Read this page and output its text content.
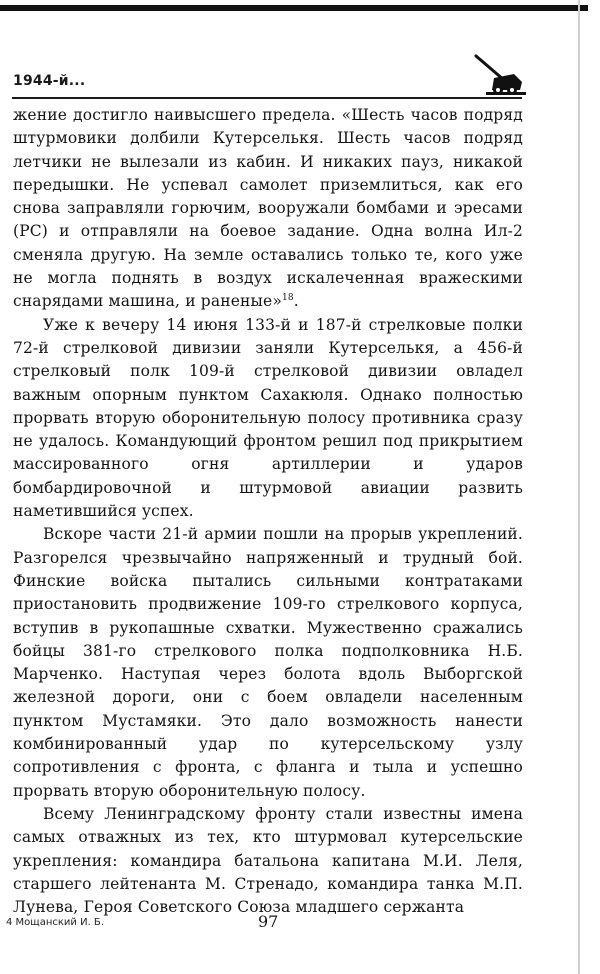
1944-й...

жение достигло наивысшего предела. «Шесть часов подряд штурмовики долбили Кутерселькя. Шесть часов подряд летчики не вылезали из кабин. И никаких пауз, никакой передышки. Не успевал самолет приземлиться, как его снова заправляли горючим, вооружали бомбами и эресами (РС) и отправляли на боевое задание. Одна волна Ил-2 сменяла другую. На земле оставались только те, кого уже не могла поднять в воздух искалеченная вражескими снарядами машина, и раненые»$^{18}$.

Уже к вечеру 14 июня 133-й и 187-й стрелковые полки 72-й стрелковой дивизии заняли Кутерселькя, а 456-й стрелковый полк 109-й стрелковой дивизии овладел важным опорным пунктом Сахакюля. Однако полностью прорвать вторую оборонительную полосу противника сразу не удалось. Командующий фронтом решил под прикрытием массированного огня артиллерии и ударов бомбардировочной и штурмовой авиации развить наметившийся успех.

Вскоре части 21-й армии пошли на прорыв укреплений. Разгорелся чрезвычайно напряженный и трудный бой. Финские войска пытались сильными контратаками приостановить продвижение 109-го стрелкового корпуса, вступив в рукопашные схватки. Мужественно сражались бойцы 381-го стрелкового полка подполковника Н.Б. Марченко. Наступая через болота вдоль Выборгской железной дороги, они с боем овладели населенным пунктом Мустамяки. Это дало возможность нанести комбинированный удар по кутерсельскому узлу сопротивления с фронта, с фланга и тыла и успешно прорвать вторую оборонительную полосу.

Всему Ленинградскому фронту стали известны имена самых отважных из тех, кто штурмовал кутерсельские укрепления: командира батальона капитана М.И. Леля, старшего лейтенанта М. Стренадо, командира танка М.П. Лунева, Героя Советского Союза младшего сержанта

4 Мощанский И. Б.	97
